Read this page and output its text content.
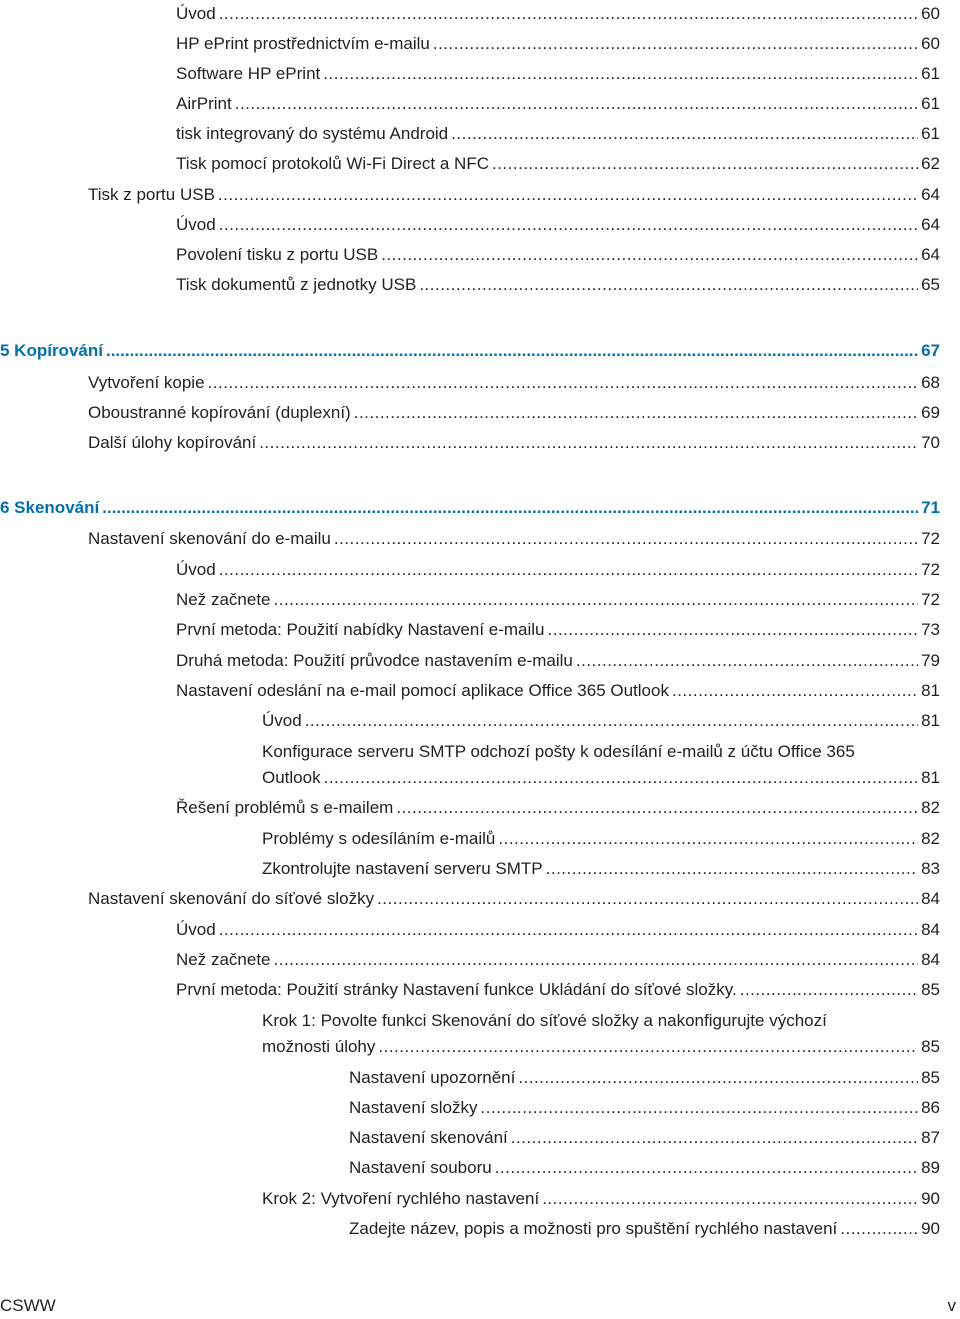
Úvod .....	60
HP ePrint prostřednictvím e-mailu .....	60
Software HP ePrint .....	61
AirPrint .....	61
tisk integrovaný do systému Android .....	61
Tisk pomocí protokolů Wi-Fi Direct a NFC .....	62
Tisk z portu USB .....	64
Úvod .....	64
Povolení tisku z portu USB .....	64
Tisk dokumentů z jednotky USB .....	65
5 Kopírování .....	67
Vytvoření kopie .....	68
Oboustranné kopírování (duplexní) .....	69
Další úlohy kopírování .....	70
6 Skenování .....	71
Nastavení skenování do e-mailu .....	72
Úvod .....	72
Než začnete .....	72
První metoda: Použití nabídky Nastavení e-mailu .....	73
Druhá metoda: Použití průvodce nastavením e-mailu .....	79
Nastavení odeslání na e-mail pomocí aplikace Office 365 Outlook .....	81
Úvod .....	81
Konfigurace serveru SMTP odchozí pošty k odesílání e-mailů z účtu Office 365
Outlook .....	81
Řešení problémů s e-mailem .....	82
Problémy s odesíláním e-mailů .....	82
Zkontrolujte nastavení serveru SMTP .....	83
Nastavení skenování do síťové složky .....	84
Úvod .....	84
Než začnete .....	84
První metoda: Použití stránky Nastavení funkce Ukládání do síťové složky. .....	85
Krok 1: Povolte funkci Skenování do síťové složky a nakonfigurujte výchozí
možnosti úlohy .....	85
Nastavení upozornění .....	85
Nastavení složky .....	86
Nastavení skenování .....	87
Nastavení souboru .....	89
Krok 2: Vytvoření rychlého nastavení .....	90
Zadejte název, popis a možnosti pro spuštění rychlého nastavení .....	90
CSWW	v
